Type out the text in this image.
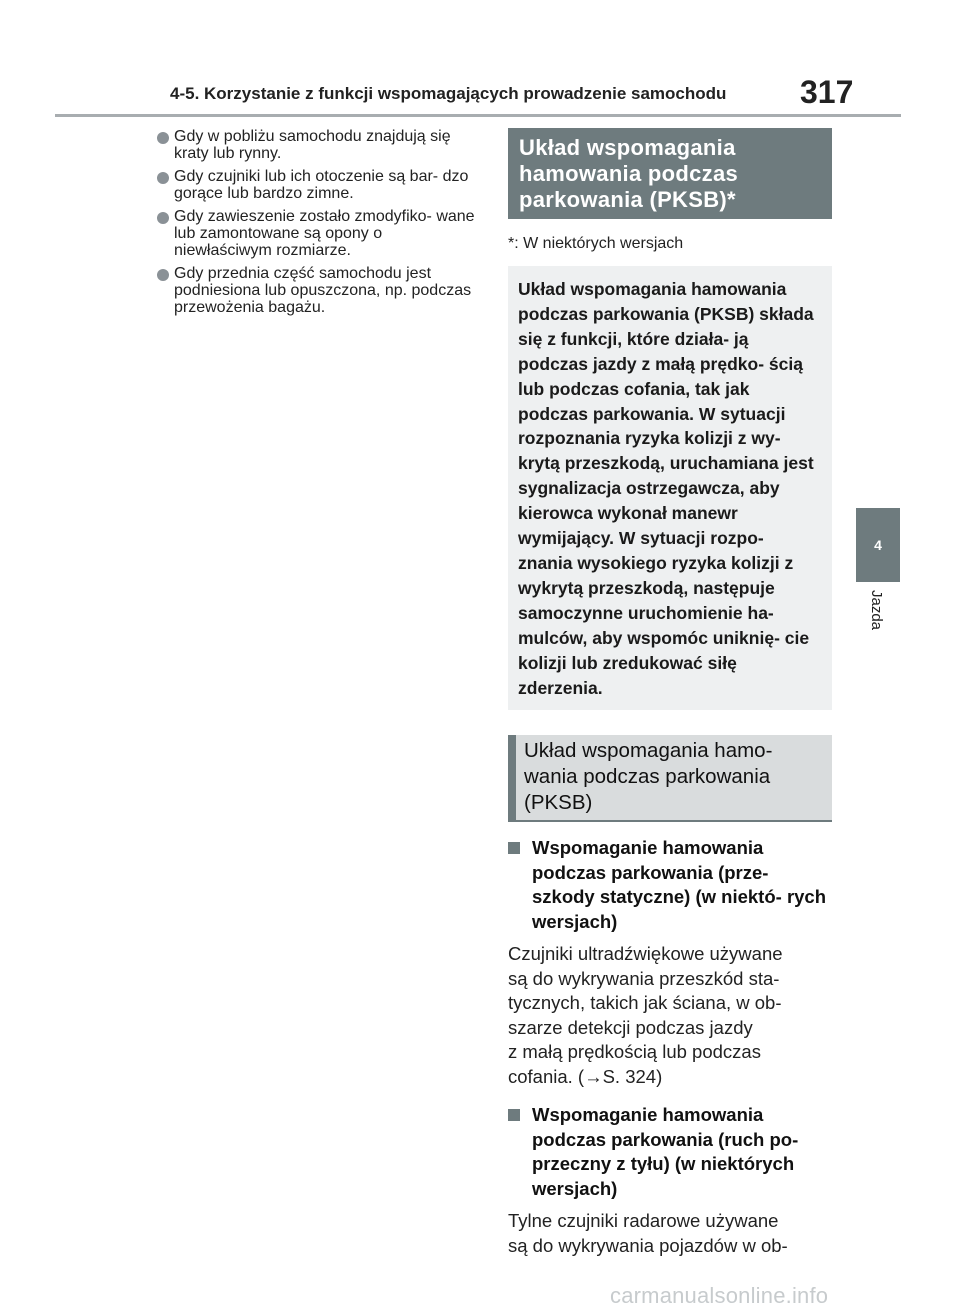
4-5. Korzystanie z funkcji wspomagających prowadzenie samochodu 317
Gdy w pobliżu samochodu znajdują się kraty lub rynny.
Gdy czujniki lub ich otoczenie są bar- dzo gorące lub bardzo zimne.
Gdy zawieszenie zostało zmodyfiko- wane lub zamontowane są opony o niewłaściwym rozmiarze.
Gdy przednia część samochodu jest podniesiona lub opuszczona, np. podczas przewożenia bagażu.
Układ wspomagania hamowania podczas parkowania (PKSB)*
*: W niektórych wersjach
Układ wspomagania hamowania podczas parkowania (PKSB) składa się z funkcji, które działa- ją podczas jazdy z małą prędko- ścią lub podczas cofania, tak jak podczas parkowania. W sytuacji rozpoznania ryzyka kolizji z wy- krytą przeszkodą, uruchamiana jest sygnalizacja ostrzegawcza, aby kierowca wykonał manewr wymijający. W sytuacji rozpo- znania wysokiego ryzyka kolizji z wykrytą przeszkodą, następuje samoczynne uruchomienie ha- mulców, aby wspomóc uniknię- cie kolizji lub zredukować siłę zderzenia.
Układ wspomagania hamo- wania podczas parkowania (PKSB)
Wspomaganie hamowania podczas parkowania (prze- szkody statyczne) (w niektó- rych wersjach)
Czujniki ultradźwiękowe używane
są do wykrywania przeszkód sta-
tycznych, takich jak ściana, w ob-
szarze detekcji podczas jazdy
z małą prędkością lub podczas
cofania. (→S. 324)
Wspomaganie hamowania podczas parkowania (ruch po- przeczny z tyłu) (w niektórych wersjach)
Tylne czujniki radarowe używane
są do wykrywania pojazdów w ob-
4
Jazda
carmanualsonline.info
